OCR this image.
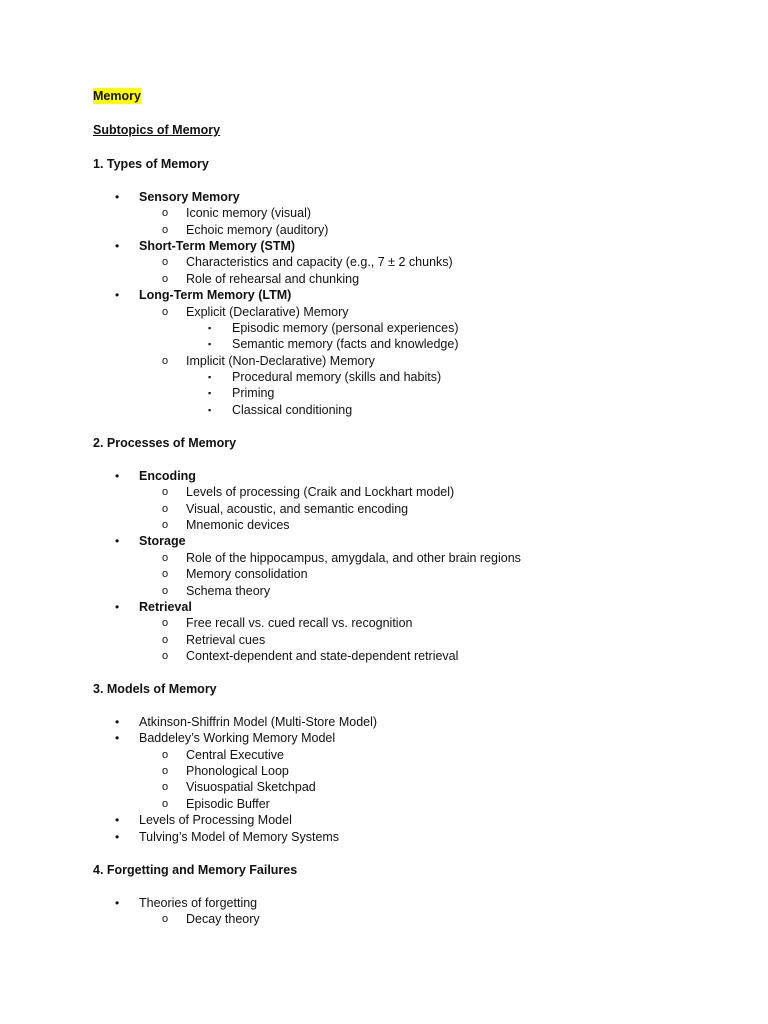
Memory
Subtopics of Memory
1. Types of Memory
• Sensory Memory
o Iconic memory (visual)
o Echoic memory (auditory)
• Short-Term Memory (STM)
o Characteristics and capacity (e.g., 7 ± 2 chunks)
o Role of rehearsal and chunking
• Long-Term Memory (LTM)
o Explicit (Declarative) Memory
▪ Episodic memory (personal experiences)
▪ Semantic memory (facts and knowledge)
o Implicit (Non-Declarative) Memory
▪ Procedural memory (skills and habits)
▪ Priming
▪ Classical conditioning
2. Processes of Memory
• Encoding
o Levels of processing (Craik and Lockhart model)
o Visual, acoustic, and semantic encoding
o Mnemonic devices
• Storage
o Role of the hippocampus, amygdala, and other brain regions
o Memory consolidation
o Schema theory
• Retrieval
o Free recall vs. cued recall vs. recognition
o Retrieval cues
o Context-dependent and state-dependent retrieval
3. Models of Memory
• Atkinson-Shiffrin Model (Multi-Store Model)
• Baddeley’s Working Memory Model
o Central Executive
o Phonological Loop
o Visuospatial Sketchpad
o Episodic Buffer
• Levels of Processing Model
• Tulving’s Model of Memory Systems
4. Forgetting and Memory Failures
• Theories of forgetting
o Decay theory
